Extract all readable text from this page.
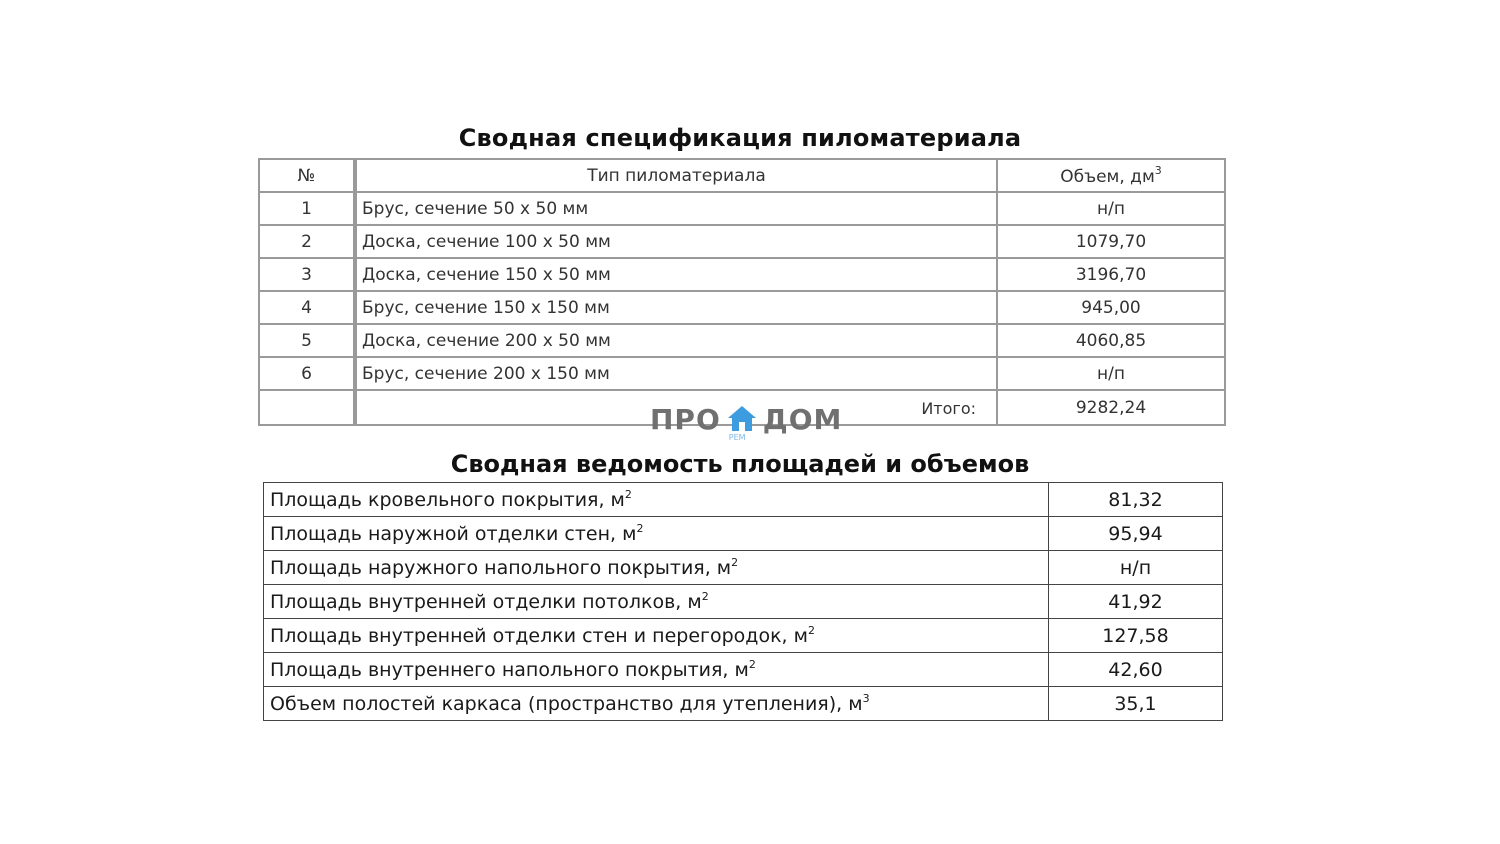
Сводная спецификация пиломатериала
№	Тип пиломатериала	Объем, $дм^3$
1	Брус, сечение 50 х 50 мм	н/п
2	Доска, сечение 100 х 50 мм	1079,70
3	Доска, сечение 150 х 50 мм	3196,70
4	Брус, сечение 150 х 150 мм	945,00
5	Доска, сечение 200 х 50 мм	4060,85
6	Брус, сечение 200 х 150 мм	н/п

	Итого:	9282,24
ПРО
РЕМ
ДОМ
Сводная ведомость площадей и объемов
Площадь кровельного покрытия, $м^2$	81,32
Площадь наружной отделки стен, $м^2$	95,94
Площадь наружного напольного покрытия, $м^2$	н/п
Площадь внутренней отделки потолков, $м^2$	41,92
Площадь внутренней отделки стен и перегородок, $м^2$	127,58
Площадь внутреннего напольного покрытия, $м^2$	42,60
Объем полостей каркаса (пространство для утепления), $м^3$	35,1
